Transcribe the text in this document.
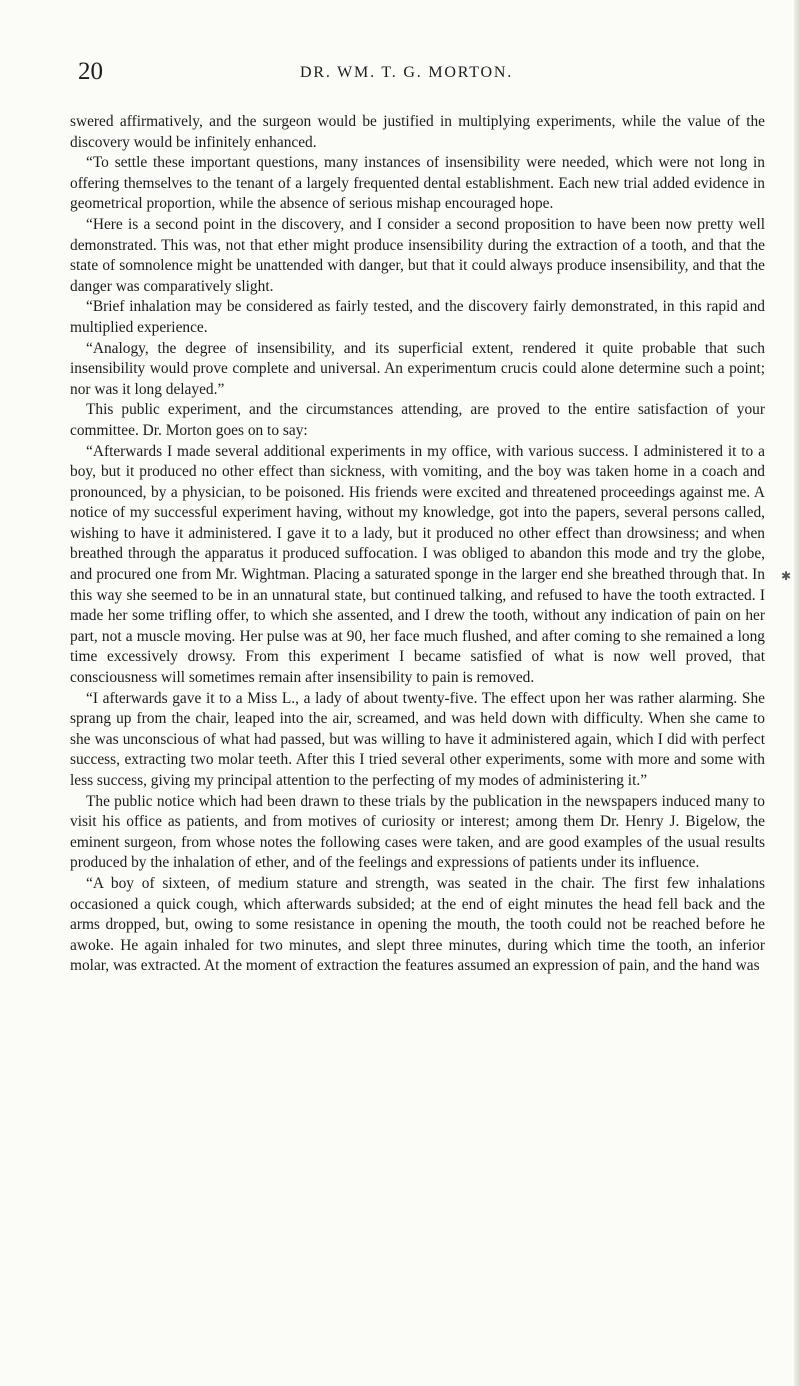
20	DR. WM. T. G. MORTON.

swered affirmatively, and the surgeon would be justified in multiplying experiments, while the value of the discovery would be infinitely enhanced.

“To settle these important questions, many instances of insensibility were needed, which were not long in offering themselves to the tenant of a largely frequented dental establishment. Each new trial added evidence in geometrical proportion, while the absence of serious mishap encouraged hope.

“Here is a second point in the discovery, and I consider a second proposition to have been now pretty well demonstrated. This was, not that ether might produce insensibility during the extraction of a tooth, and that the state of somnolence might be unattended with danger, but that it could always produce insensibility, and that the danger was comparatively slight.

“Brief inhalation may be considered as fairly tested, and the discovery fairly demonstrated, in this rapid and multiplied experience.

“Analogy, the degree of insensibility, and its superficial extent, rendered it quite probable that such insensibility would prove complete and universal. An experimentum crucis could alone determine such a point; nor was it long delayed.”

This public experiment, and the circumstances attending, are proved to the entire satisfaction of your committee. Dr. Morton goes on to say:

“Afterwards I made several additional experiments in my office, with various success. I administered it to a boy, but it produced no other effect than sickness, with vomiting, and the boy was taken home in a coach and pronounced, by a physician, to be poisoned. His friends were excited and threatened proceedings against me. A notice of my successful experiment having, without my knowledge, got into the papers, several persons called, wishing to have it administered. I gave it to a lady, but it produced no other effect than drowsiness; and when breathed through the apparatus it produced suffocation. I was obliged to abandon this mode and try the globe, and procured one from Mr. Wightman. Placing a saturated sponge in the larger end she breathed through that. In this way she seemed to be in an unnatural state, but continued talking, and refused to have the tooth extracted. I made her some trifling offer, to which she assented, and I drew the tooth, without any indication of pain on her part, not a muscle moving. Her pulse was at 90, her face much flushed, and after coming to she remained a long time excessively drowsy. From this experiment I became satisfied of what is now well proved, that consciousness will sometimes remain after insensibility to pain is removed.

“I afterwards gave it to a Miss L., a lady of about twenty-five. The effect upon her was rather alarming. She sprang up from the chair, leaped into the air, screamed, and was held down with difficulty. When she came to she was unconscious of what had passed, but was willing to have it administered again, which I did with perfect success, extracting two molar teeth. After this I tried several other experiments, some with more and some with less success, giving my principal attention to the perfecting of my modes of administering it.”

The public notice which had been drawn to these trials by the publication in the newspapers induced many to visit his office as patients, and from motives of curiosity or interest; among them Dr. Henry J. Bigelow, the eminent surgeon, from whose notes the following cases were taken, and are good examples of the usual results produced by the inhalation of ether, and of the feelings and expressions of patients under its influence.

“A boy of sixteen, of medium stature and strength, was seated in the chair. The first few inhalations occasioned a quick cough, which afterwards subsided; at the end of eight minutes the head fell back and the arms dropped, but, owing to some resistance in opening the mouth, the tooth could not be reached before he awoke. He again inhaled for two minutes, and slept three minutes, during which time the tooth, an inferior molar, was extracted. At the moment of extraction the features assumed an expression of pain, and the hand was

✱
